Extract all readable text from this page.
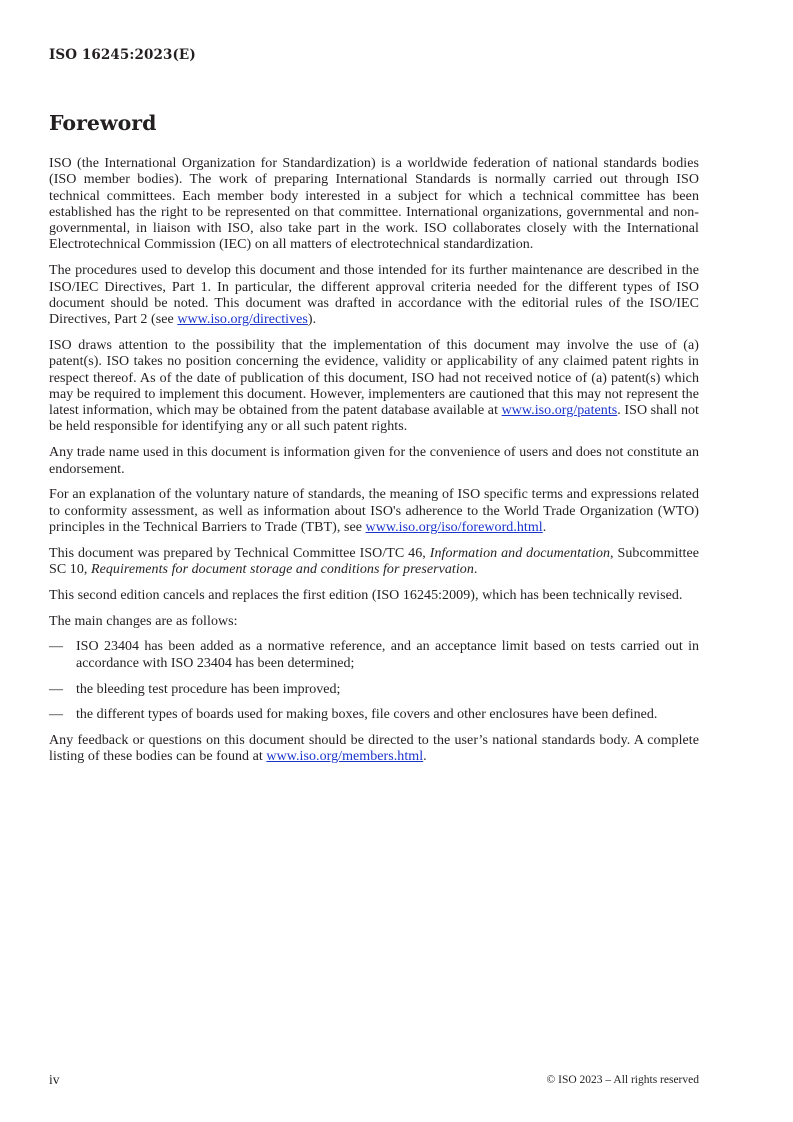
ISO 16245:2023(E)

Foreword

ISO (the International Organization for Standardization) is a worldwide federation of national standards bodies (ISO member bodies). The work of preparing International Standards is normally carried out through ISO technical committees. Each member body interested in a subject for which a technical committee has been established has the right to be represented on that committee. International organizations, governmental and non-governmental, in liaison with ISO, also take part in the work. ISO collaborates closely with the International Electrotechnical Commission (IEC) on all matters of electrotechnical standardization.

The procedures used to develop this document and those intended for its further maintenance are described in the ISO/IEC Directives, Part 1. In particular, the different approval criteria needed for the different types of ISO document should be noted. This document was drafted in accordance with the editorial rules of the ISO/IEC Directives, Part 2 (see www.iso.org/directives).

ISO draws attention to the possibility that the implementation of this document may involve the use of (a) patent(s). ISO takes no position concerning the evidence, validity or applicability of any claimed patent rights in respect thereof. As of the date of publication of this document, ISO had not received notice of (a) patent(s) which may be required to implement this document. However, implementers are cautioned that this may not represent the latest information, which may be obtained from the patent database available at www.iso.org/patents. ISO shall not be held responsible for identifying any or all such patent rights.

Any trade name used in this document is information given for the convenience of users and does not constitute an endorsement.

For an explanation of the voluntary nature of standards, the meaning of ISO specific terms and expressions related to conformity assessment, as well as information about ISO's adherence to the World Trade Organization (WTO) principles in the Technical Barriers to Trade (TBT), see www.iso.org/iso/foreword.html.

This document was prepared by Technical Committee ISO/TC 46, Information and documentation, Subcommittee SC 10, Requirements for document storage and conditions for preservation.

This second edition cancels and replaces the first edition (ISO 16245:2009), which has been technically revised.

The main changes are as follows:

— ISO 23404 has been added as a normative reference, and an acceptance limit based on tests carried out in accordance with ISO 23404 has been determined;
— the bleeding test procedure has been improved;
— the different types of boards used for making boxes, file covers and other enclosures have been defined.

Any feedback or questions on this document should be directed to the user’s national standards body. A complete listing of these bodies can be found at www.iso.org/members.html.

iv	© ISO 2023 – All rights reserved
